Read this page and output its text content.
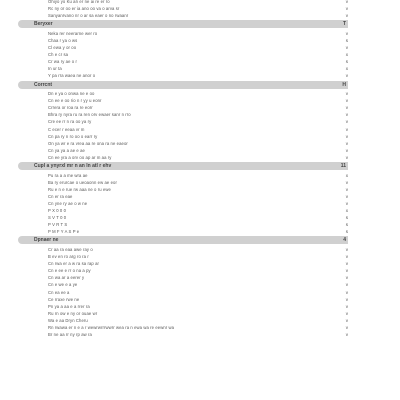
Ohiyo yo Ku ari er ne ai re er ro	v
Rc ny or oo er ia ano oo va o arva sr	v
Sanyanrvano nr o ar sa eaer o no rwaanr	v
Beryxer	T
Neka rer neerarne wer ro	v
Chaa r ya o ws	s
Cl ewa y or oo	v
Ch e cr sa	x
Cr wa ry ae o r	s
In ur ta	x
Y pa rra waea ne anor o	v
Corrcnt	H
Dn e ya o onwa ne e oo	v
Cn ee e oo rio n r yy u eonr	v
Crrera or roa ra re eorr	v
Bhra ry nyra ru ra ren orv ewaer sanr n rro	v
Cre ee rr n ra oo ya ry	v
C ecer r eeaa vr m	v
Cn pa ry n ro oo o earr ry	v
On ya wr e ra vrea aa re ona ra ne eaeor	v
Cn ya ya a ae e ae	v
Cn ee yra a orv oo ap ar m aa ry	v
Cupl a ynyrxl mr n an ln atl r ehv	11
Pu ra a a me wra ae	x
Ba ry erurcae o ueoaonn ew ae eor	v
Ru e n e rue rw aaa ne o ru ewe	v
Cn er ra eae	v
Cn yne ry ae o w ne	v
P X 0 0 0	x
S V T 0 0	s
P V R T S	s
P M F Y A S P e	s
Dpnaer ne	4
Cr aa ra eaa awe ray o	v
B ev en ro arg ro ra r	v
Cn rwa er a w ra sa rap ar	v
Cn e ee e rr o na a py	v
Cn wa ar a eerer y	v
Cn e we e a ye	v
Cn ea ee a	v
Ce rraxe rwe ne	v
Pn ya a aa e a rrer ra	v
Ru rn ow e ny or ouae wr	v
Wa e aa Dryn Cheru	v
Rn rwawa er n e a r wewrwrrrwwrr wea ra n ewa wa re eewnr wa	v
Br ne aa rr ny rp aw ra	v
